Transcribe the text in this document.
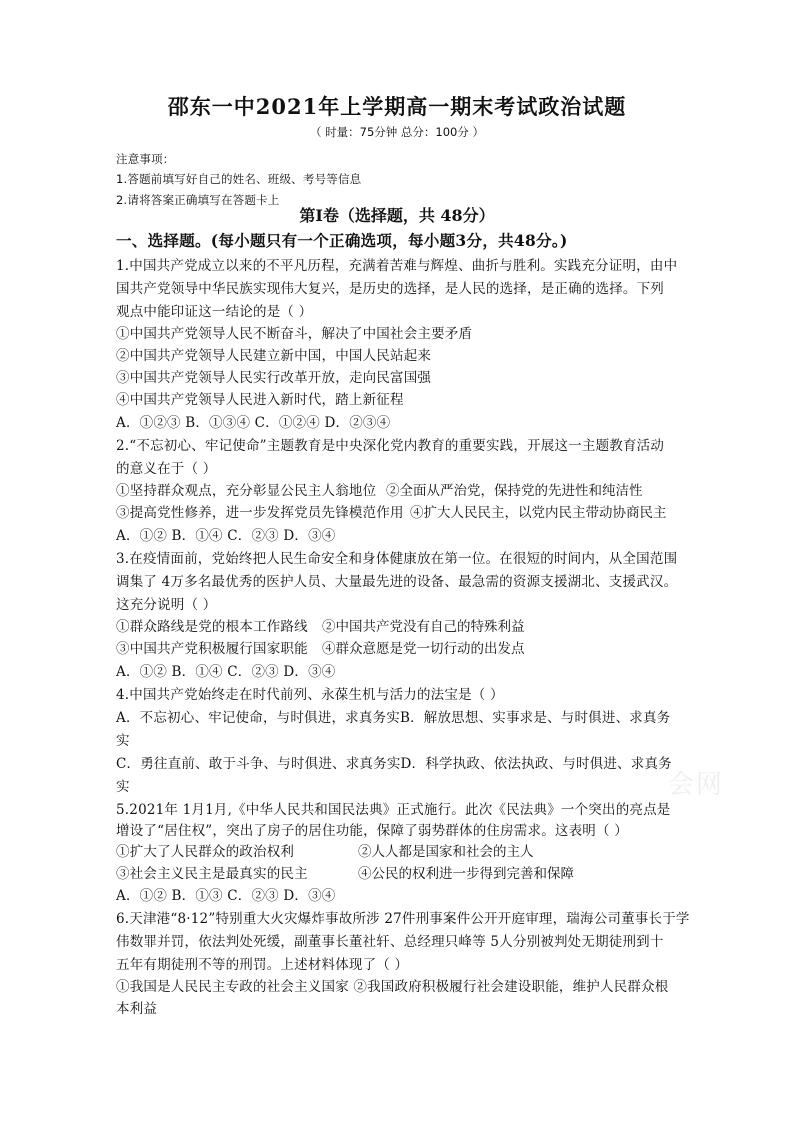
邵东一中2021年上学期高一期末考试政治试题
（ 时量：75分钟 总分：100分 ）
注意事项：
1.答题前填写好自己的姓名、班级、考号等信息
2.请将答案正确填写在答题卡上
第Ⅰ卷（选择题，共 48分）
一、选择题。(每小题只有一个正确选项，每小题3分，共48分。)
1.中国共产党成立以来的不平凡历程，充满着苦难与辉煌、曲折与胜利。实践充分证明，由中
国共产党领导中华民族实现伟大复兴，是历史的选择，是人民的选择，是正确的选择。下列
观点中能印证这一结论的是（ ）
①中国共产党领导人民不断奋斗，解决了中国社会主要矛盾
②中国共产党领导人民建立新中国，中国人民站起来
③中国共产党领导人民实行改革开放，走向民富国强
④中国共产党领导人民进入新时代，踏上新征程
A．①②③ B．①③④ C．①②④ D．②③④
2.“不忘初心、牢记使命”主题教育是中央深化党内教育的重要实践，开展这一主题教育活动
的意义在于（ ）
①坚持群众观点，充分彰显公民主人翁地位 ②全面从严治党，保持党的先进性和纯洁性
③提高党性修养，进一步发挥党员先锋模范作用 ④扩大人民民主，以党内民主带动协商民主
A．①② B．①④ C．②③ D．③④
3.在疫情面前，党始终把人民生命安全和身体健康放在第一位。在很短的时间内，从全国范围
调集了 4万多名最优秀的医护人员、大量最先进的设备、最急需的资源支援湖北、支援武汉。
这充分说明（ ）
①群众路线是党的根本工作路线 ②中国共产党没有自己的特殊利益
③中国共产党积极履行国家职能 ④群众意愿是党一切行动的出发点
A．①② B．①④ C．②③ D．③④
4.中国共产党始终走在时代前列、永葆生机与活力的法宝是（ ）
A．不忘初心、牢记使命，与时俱进，求真务实B．解放思想、实事求是、与时俱进、求真务
实
C．勇往直前、敢于斗争、与时俱进、求真务实D．科学执政、依法执政、与时俱进、求真务
实	会网
5.2021年 1月1月,《中华人民共和国民法典》正式施行。此次《民法典》一个突出的亮点是
增设了“居住权”，突出了房子的居住功能，保障了弱势群体的住房需求。这表明（ ）
①扩大了人民群众的政治权利	②人人都是国家和社会的主人
③社会主义民主是最真实的民主	④公民的权利进一步得到完善和保障
A．①② B．①③ C．②③ D．③④
6.天津港“8·12”特别重大火灾爆炸事故所涉 27件刑事案件公开开庭审理，瑞海公司董事长于学
伟数罪并罚，依法判处死缓，副董事长董社轩、总经理只峰等 5人分别被判处无期徒刑到十
五年有期徒刑不等的刑罚。上述材料体现了（ ）
①我国是人民民主专政的社会主义国家 ②我国政府积极履行社会建设职能，维护人民群众根
本利益
